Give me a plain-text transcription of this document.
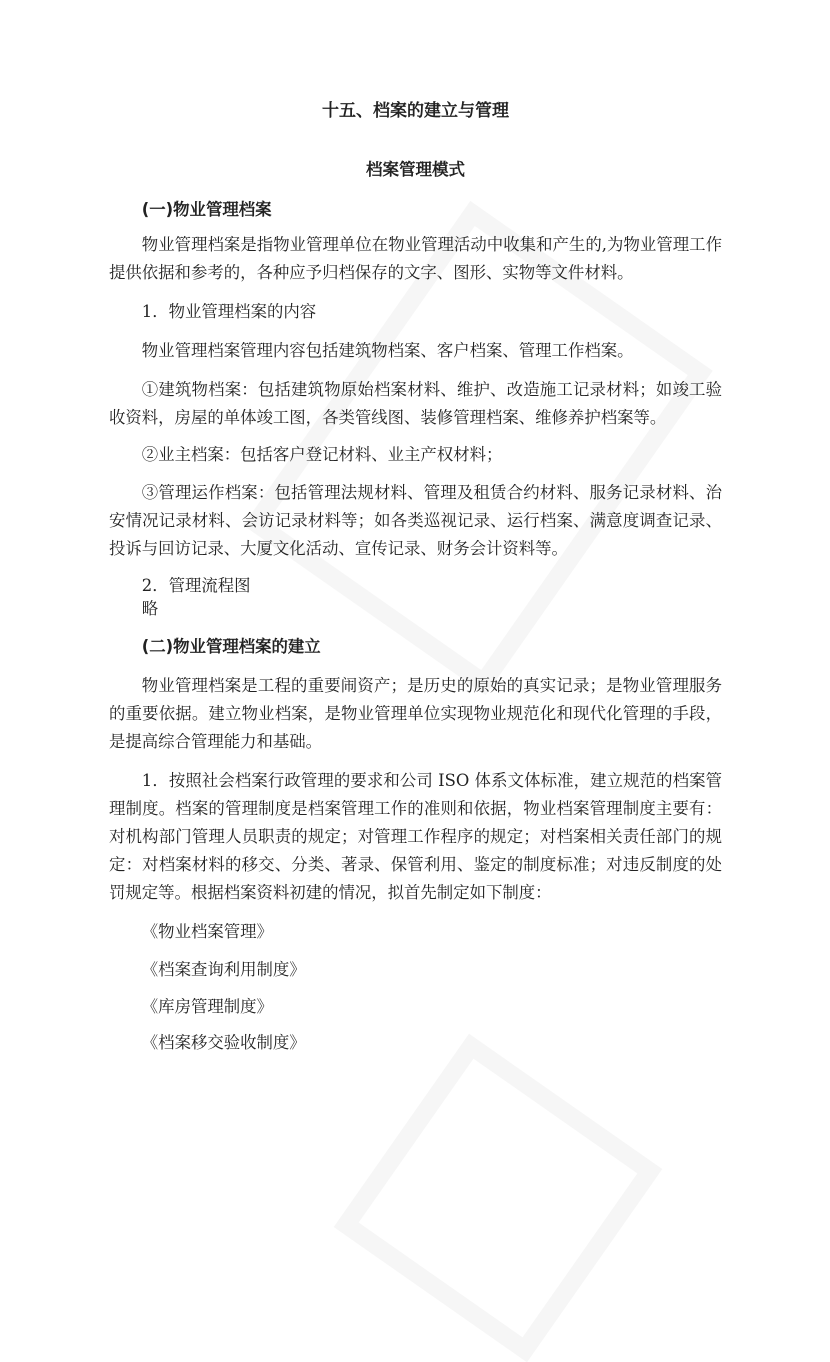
十五、档案的建立与管理
档案管理模式
(一)物业管理档案
物业管理档案是指物业管理单位在物业管理活动中收集和产生的,为物业管理工作提供依据和参考的，各种应予归档保存的文字、图形、实物等文件材料。
1．物业管理档案的内容
物业管理档案管理内容包括建筑物档案、客户档案、管理工作档案。
①建筑物档案：包括建筑物原始档案材料、维护、改造施工记录材料；如竣工验收资料，房屋的单体竣工图，各类管线图、装修管理档案、维修养护档案等。
②业主档案：包括客户登记材料、业主产权材料；
③管理运作档案：包括管理法规材料、管理及租赁合约材料、服务记录材料、治安情况记录材料、会访记录材料等；如各类巡视记录、运行档案、满意度调查记录、投诉与回访记录、大厦文化活动、宣传记录、财务会计资料等。
2．管理流程图
略
(二)物业管理档案的建立
物业管理档案是工程的重要闹资产；是历史的原始的真实记录；是物业管理服务的重要依据。建立物业档案，是物业管理单位实现物业规范化和现代化管理的手段，是提高综合管理能力和基础。
1．按照社会档案行政管理的要求和公司 ISO 体系文体标准，建立规范的档案管理制度。档案的管理制度是档案管理工作的准则和依据，物业档案管理制度主要有：对机构部门管理人员职责的规定；对管理工作程序的规定；对档案相关责任部门的规定：对档案材料的移交、分类、著录、保管利用、鉴定的制度标准；对违反制度的处罚规定等。根据档案资料初建的情况，拟首先制定如下制度：
《物业档案管理》
《档案查询利用制度》
《库房管理制度》
《档案移交验收制度》
